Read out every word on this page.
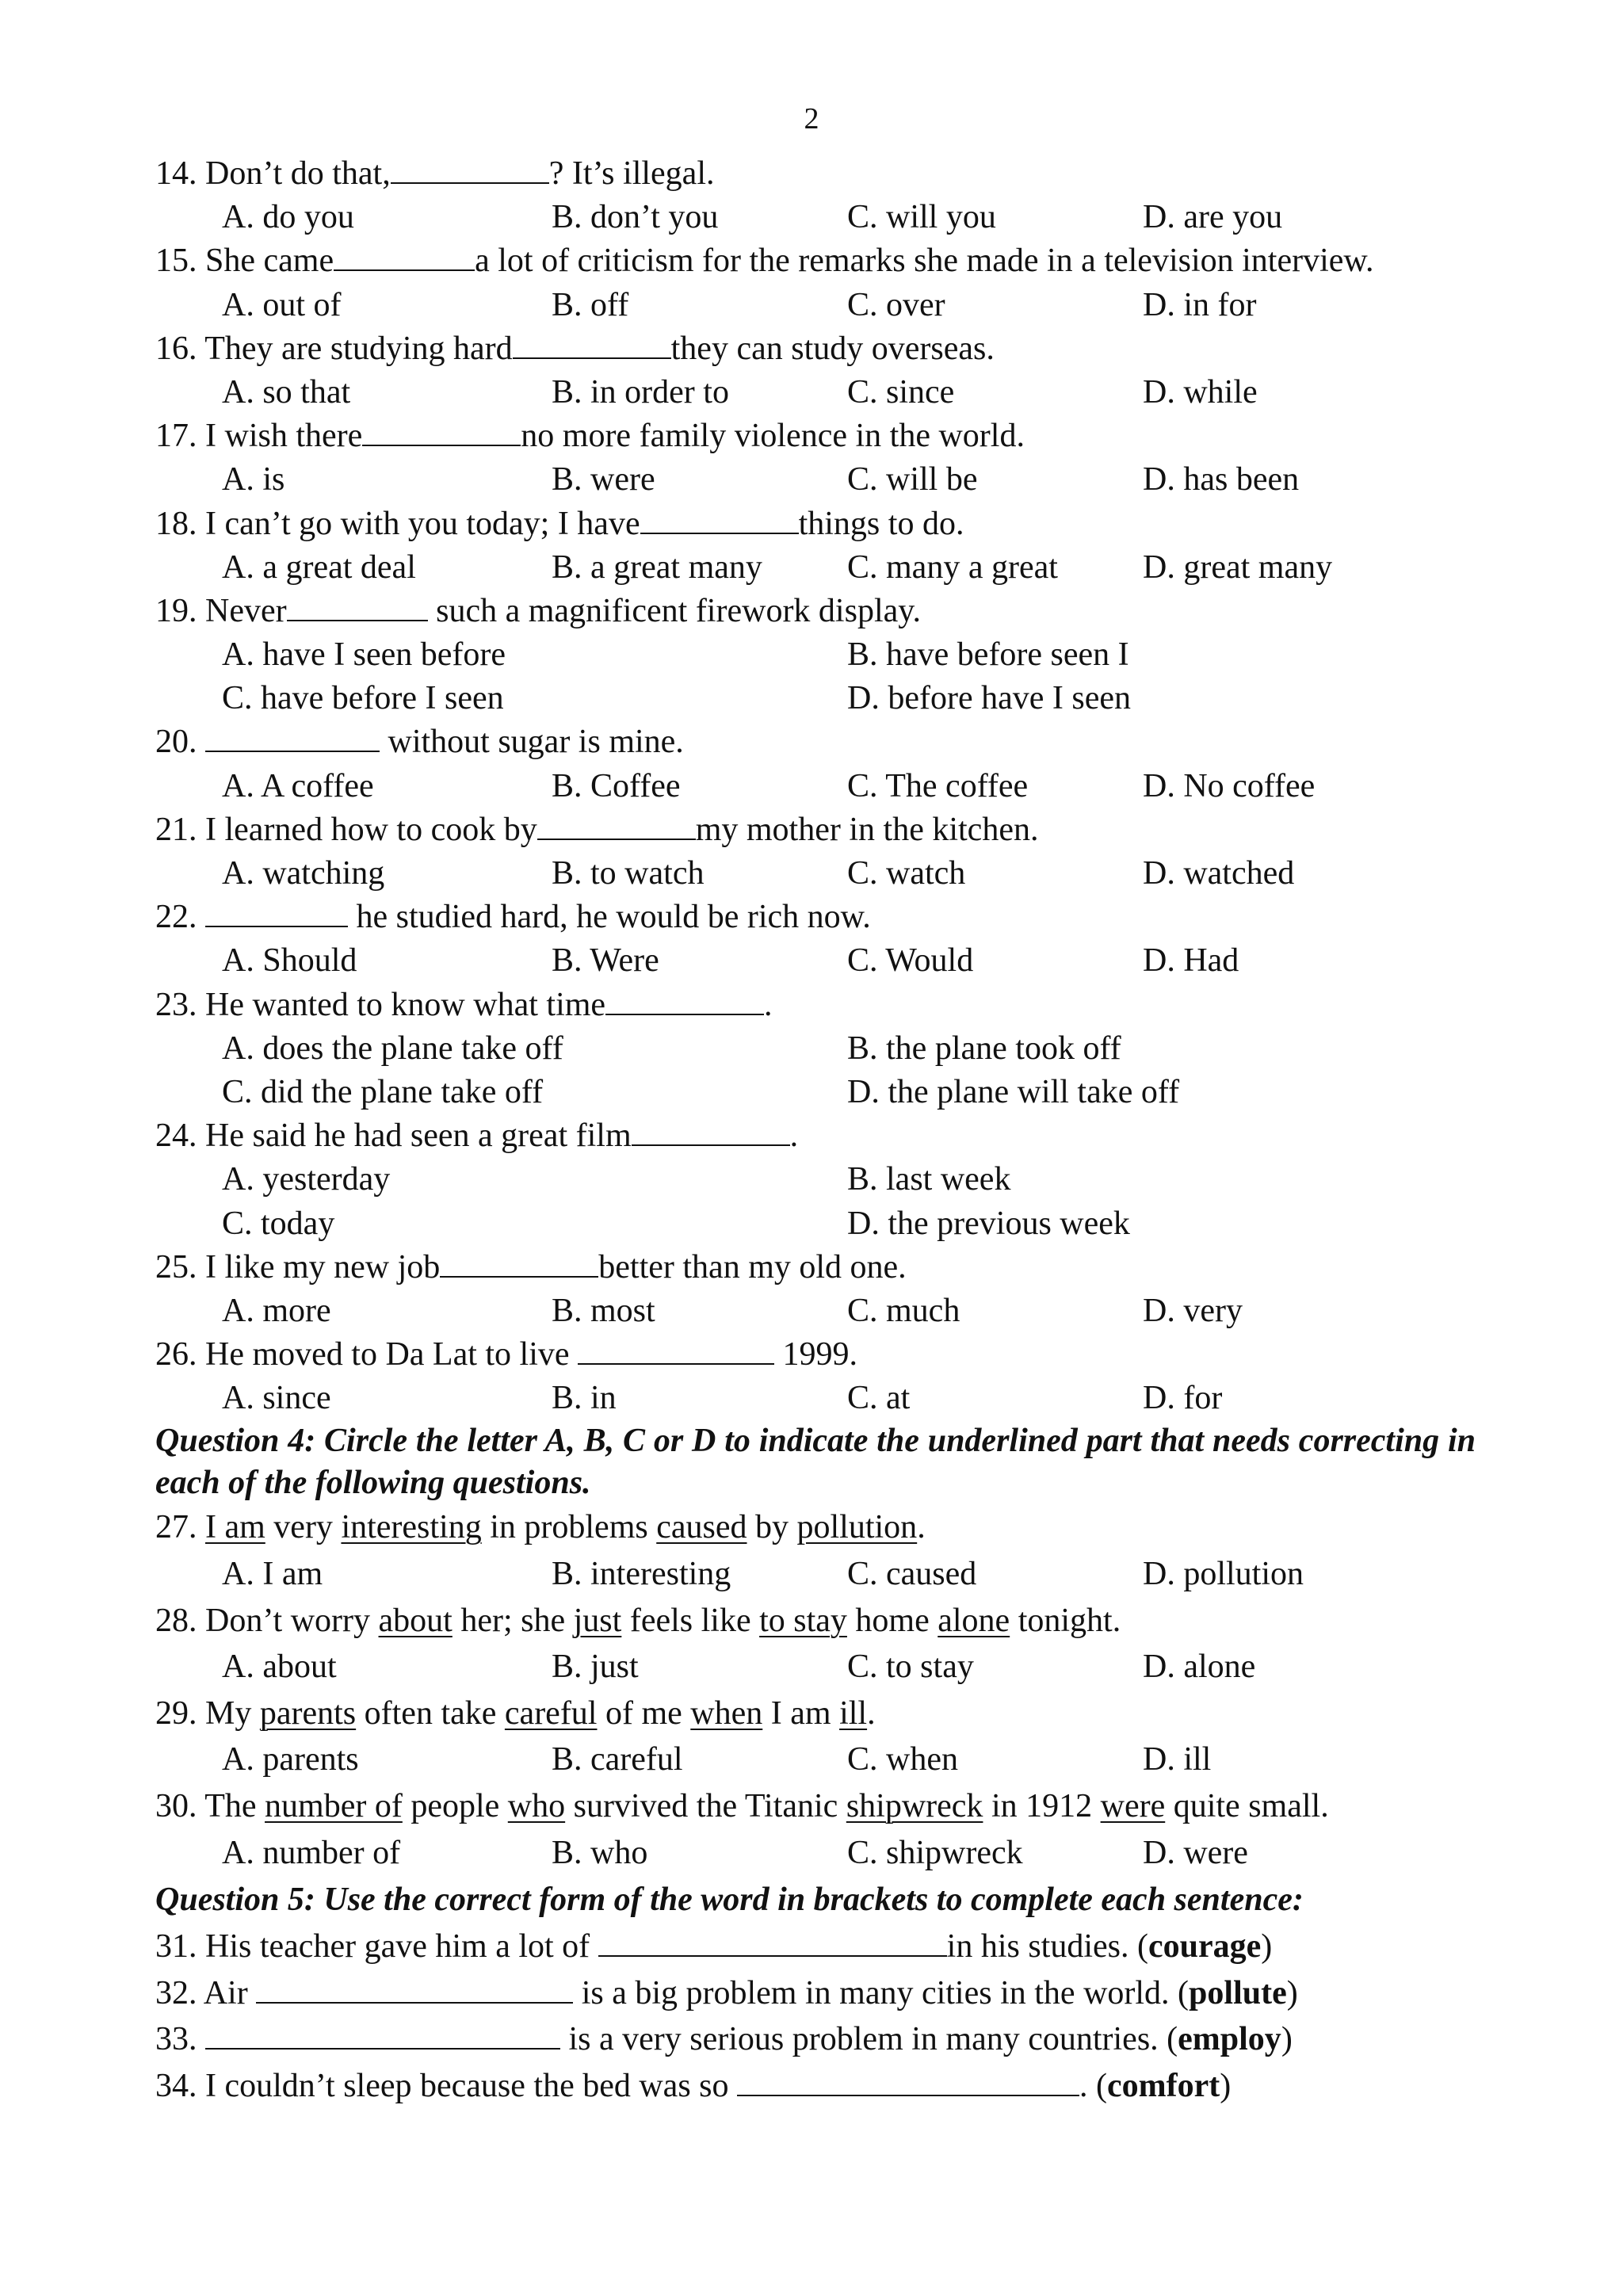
2
14. Don’t do that,	? It’s illegal.
A. do you	B. don’t you	C. will you	D. are you
15. She came	a lot of criticism for the remarks she made in a television interview.
A. out of	B. off	C. over	D. in for
16. They are studying hard	they can study overseas.
A. so that	B. in order to	C. since	D. while
17. I wish there	no more family violence in the world.
A. is	B. were	C. will be	D. has been
18. I can’t go with you today; I have	things to do.
A. a great deal	B. a great many	C. many a great	D. great many
19. Never	such a magnificent firework display.
A. have I seen before	B. have before seen I
C. have before I seen	D. before have I seen
20.	without sugar is mine.
A. A coffee	B. Coffee	C. The coffee	D. No coffee
21. I learned how to cook by	my mother in the kitchen.
A. watching	B. to watch	C. watch	D. watched
22.	he studied hard, he would be rich now.
A. Should	B. Were	C. Would	D. Had
23. He wanted to know what time	.
A. does the plane take off	B. the plane took off
C. did the plane take off	D. the plane will take off
24. He said he had seen a great film	.
A. yesterday	B. last week
C. today	D. the previous week
25. I like my new job	better than my old one.
A. more	B. most	C. much	D. very
26. He moved to Da Lat to live	1999.
A. since	B. in	C. at	D. for
Question 4: Circle the letter A, B, C or D to indicate the underlined part that needs correcting in each of the following questions.
27. I am very interesting in problems caused by pollution.
A. I am	B. interesting	C. caused	D. pollution
28. Don’t worry about her; she just feels like to stay home alone tonight.
A. about	B. just	C. to stay	D. alone
29. My parents often take careful of me when I am ill.
A. parents	B. careful	C. when	D. ill
30. The number of people who survived the Titanic shipwreck in 1912 were quite small.
A. number of	B. who	C. shipwreck	D. were
Question 5: Use the correct form of the word in brackets to complete each sentence:
31. His teacher gave him a lot of	in his studies. (courage)
32. Air	is a big problem in many cities in the world. (pollute)
33.	is a very serious problem in many countries. (employ)
34. I couldn’t sleep because the bed was so	. (comfort)
